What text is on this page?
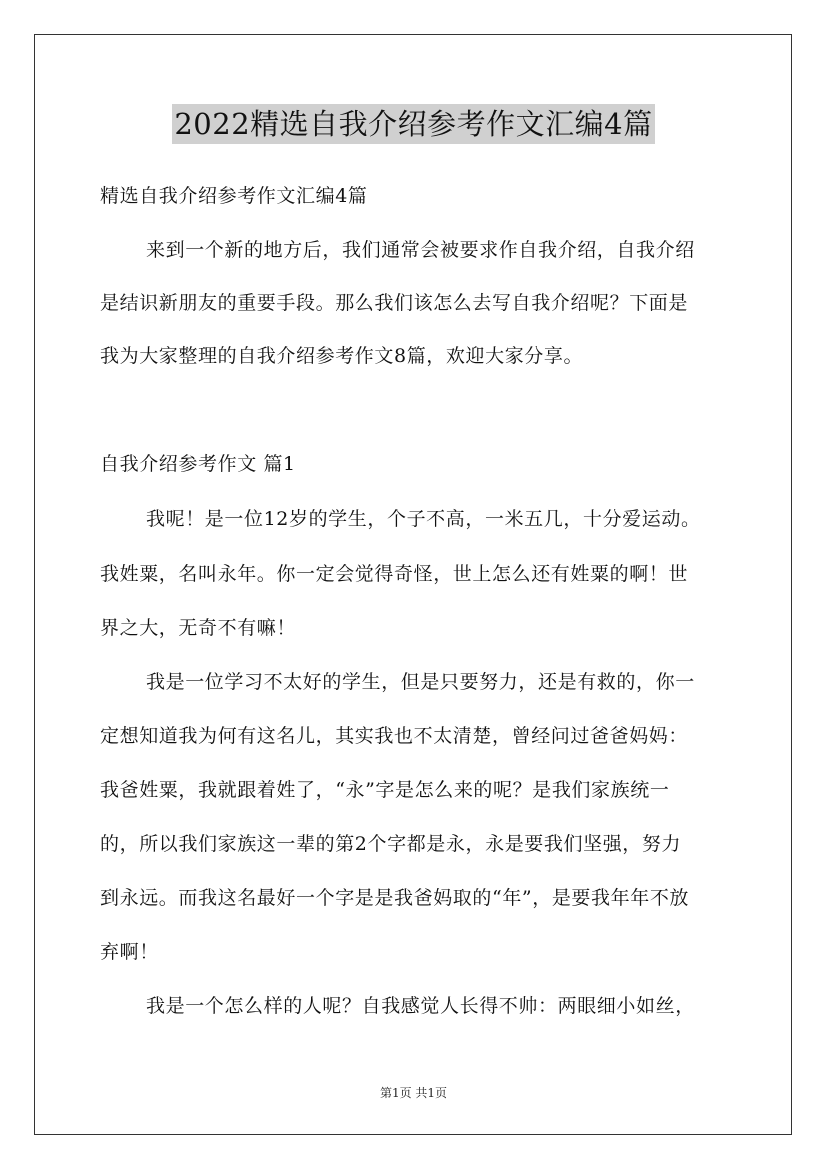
2022精选自我介绍参考作文汇编4篇
精选自我介绍参考作文汇编4篇
来到一个新的地方后，我们通常会被要求作自我介绍，自我介绍
是结识新朋友的重要手段。那么我们该怎么去写自我介绍呢？下面是
我为大家整理的自我介绍参考作文8篇，欢迎大家分享。
自我介绍参考作文 篇1
我呢！是一位12岁的学生，个子不高，一米五几，十分爱运动。
我姓粟，名叫永年。你一定会觉得奇怪，世上怎么还有姓粟的啊！世
界之大，无奇不有嘛！
我是一位学习不太好的学生，但是只要努力，还是有救的，你一
定想知道我为何有这名儿，其实我也不太清楚，曾经问过爸爸妈妈：
我爸姓粟，我就跟着姓了，“永”字是怎么来的呢？是我们家族统一
的，所以我们家族这一辈的第2个字都是永，永是要我们坚强，努力
到永远。而我这名最好一个字是是我爸妈取的“年”，是要我年年不放
弃啊！
我是一个怎么样的人呢？自我感觉人长得不帅：两眼细小如丝，
第1页 共1页
